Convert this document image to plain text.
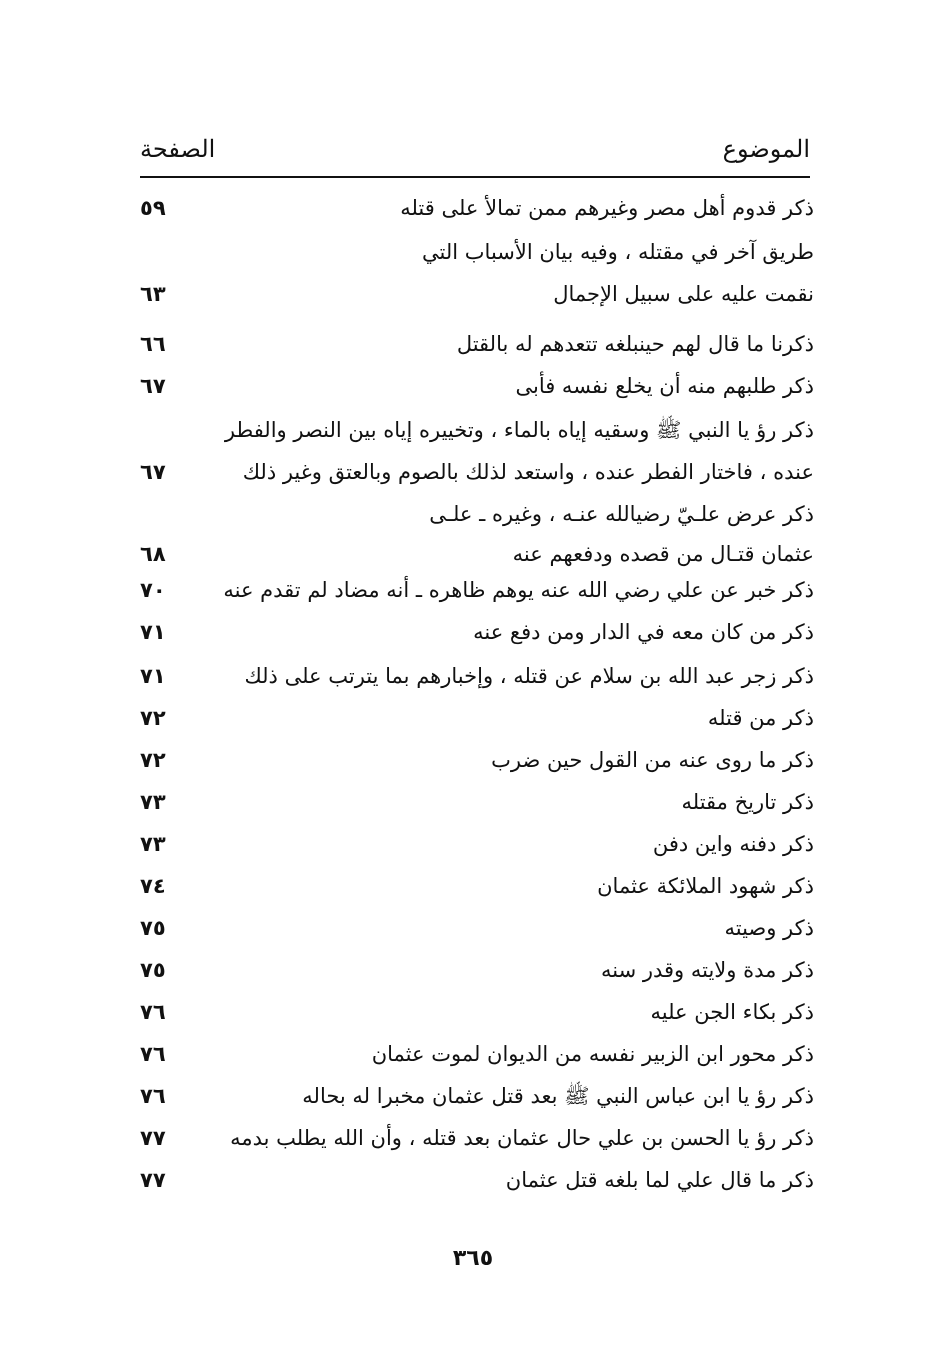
الموضوع
الصفحة
ذكر قدوم أهل مصر وغيرهم ممن تمالأ على قتله
٥٩
طريق آخر في مقتله ، وفيه بيان الأسباب التي
نقمت عليه على سبيل الإجمال
٦٣
ذكرنا ما قال لهم حينبلغه تتعدهم له بالقتل
٦٦
ذكر طلبهم منه أن يخلع نفسه فأبى
٦٧
ذكر رؤ يا النبي ﷺ وسقيه إياه بالماء ، وتخييره إياه بين النصر والفطر
عنده ، فاختار الفطر عنده ، واستعد لذلك بالصوم وبالعتق وغير ذلك
٦٧
ذكر عرض علـيّ رضيالله عنـه ، وغيره ـ علـى
عثمان قتـال من قصده ودفعهم عنه
٦٨
ذكر خبر عن علي رضي الله عنه يوهم ظاهره ـ أنه مضاد لم تقدم عنه
٧٠
ذكر من كان معه في الدار ومن دفع عنه
٧١
ذكر زجر عبد الله بن سلام عن قتله ، وإخبارهم بما يترتب على ذلك
٧١
ذكر من قتله
٧٢
ذكر ما روى عنه من القول حين ضرب
٧٢
ذكر تاريخ مقتله
٧٣
ذكر دفنه واين دفن
٧٣
ذكر شهود الملائكة عثمان
٧٤
ذكر وصيته
٧٥
ذكر مدة ولايته وقدر سنه
٧٥
ذكر بكاء الجن عليه
٧٦
ذكر محور ابن الزبير نفسه من الديوان لموت عثمان
٧٦
ذكر رؤ يا ابن عباس النبي ﷺ بعد قتل عثمان مخبرا له بحاله
٧٦
ذكر رؤ يا الحسن بن علي حال عثمان بعد قتله ، وأن الله يطلب بدمه
٧٧
ذكر ما قال علي لما بلغه قتل عثمان
٧٧
٣٦٥
